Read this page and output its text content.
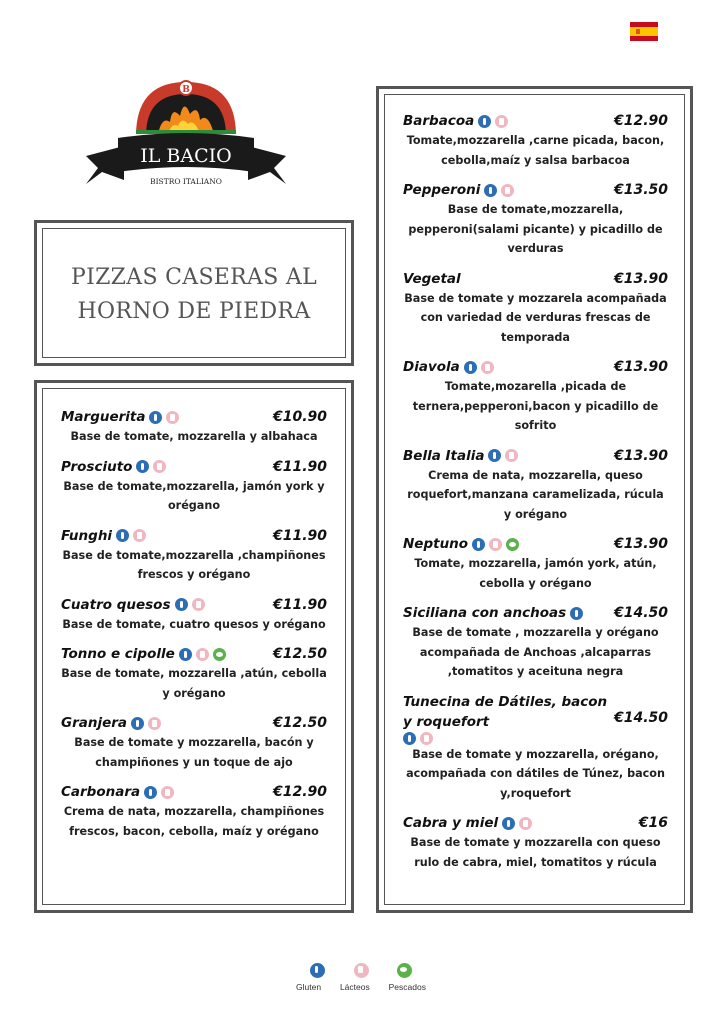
B
IL BACIO
BISTRO ITALIANO
PIZZAS CASERAS AL
HORNO DE PIEDRA
Marguerita	€10.90
Base de tomate, mozzarella y albahaca
Prosciuto	€11.90
Base de tomate,mozzarella, jamón york y orégano
Funghi	€11.90
Base de tomate,mozzarella ,champiñones frescos y orégano
Cuatro quesos	€11.90
Base de tomate, cuatro quesos y orégano
Tonno e cipolle	€12.50
Base de tomate, mozzarella ,atún, cebolla y orégano
Granjera	€12.50
Base de tomate y mozzarella, bacón y champiñones y un toque de ajo
Carbonara	€12.90
Crema de nata, mozzarella, champiñones frescos, bacon, cebolla, maíz y orégano
Barbacoa	€12.90
Tomate,mozzarella ,carne picada, bacon, cebolla,maíz y salsa barbacoa
Pepperoni	€13.50
Base de tomate,mozzarella, pepperoni(salami picante) y picadillo de verduras
Vegetal	€13.90
Base de tomate y mozzarela acompañada con variedad de verduras frescas de temporada
Diavola	€13.90
Tomate,mozarella ,picada de ternera,pepperoni,bacon y picadillo de sofrito
Bella Italia	€13.90
Crema de nata, mozzarella, queso roquefort,manzana caramelizada, rúcula y orégano
Neptuno	€13.90
Tomate, mozzarella, jamón york, atún, cebolla y orégano
Siciliana con anchoas	€14.50
Base de tomate , mozzarella y orégano acompañada de Anchoas ,alcaparras ,tomatitos y aceituna negra
Tunecina de Dátiles, bacon y roquefort	€14.50
Base de tomate y mozzarella, orégano, acompañada con dátiles de Túnez, bacon y,roquefort
Cabra y miel	€16
Base de tomate y mozzarella con queso rulo de cabra, miel, tomatitos y rúcula
Gluten Lácteos Pescados
